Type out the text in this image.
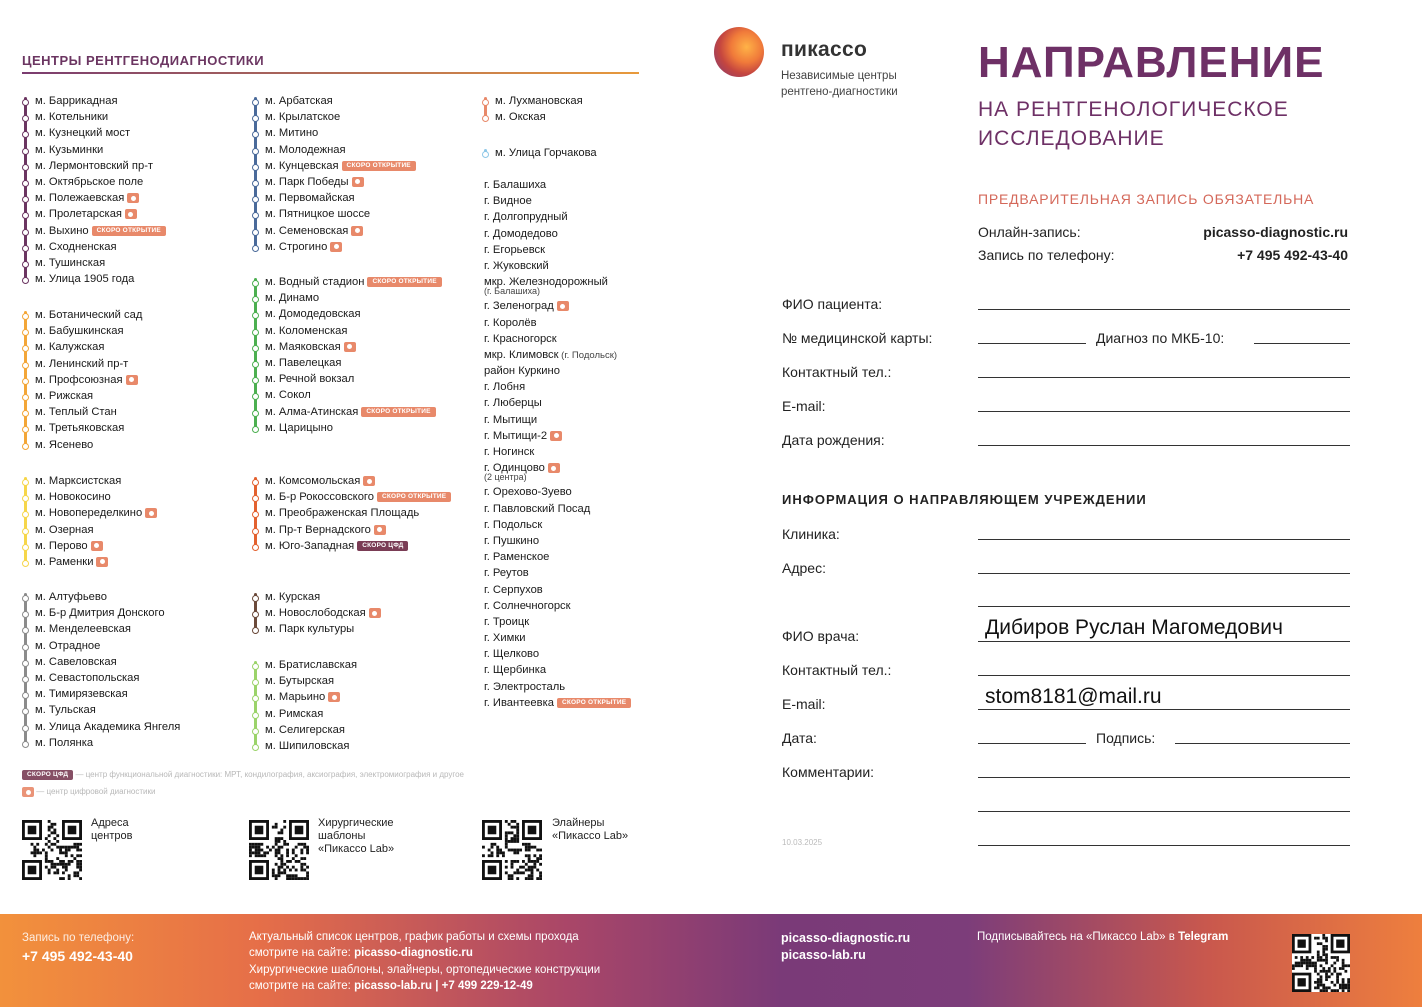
ЦЕНТРЫ РЕНТГЕНОДИАГНОСТИКИ
м. Баррикадная
м. Котельники
м. Кузнецкий мост
м. Кузьминки
м. Лермонтовский пр-т
м. Октябрьское поле
м. Полежаевская
м. Пролетарская
м. Выхино СКОРО ОТКРЫТИЕ
м. Сходненская
м. Тушинская
м. Улица 1905 года
м. Ботанический сад
м. Бабушкинская
м. Калужская
м. Ленинский пр-т
м. Профсоюзная
м. Рижская
м. Теплый Стан
м. Третьяковская
м. Ясенево
м. Марксистская
м. Новокосино
м. Новопеределкино
м. Озерная
м. Перово
м. Раменки
м. Алтуфьево
м. Б-р Дмитрия Донского
м. Менделеевская
м. Отрадное
м. Савеловская
м. Севастопольская
м. Тимирязевская
м. Тульская
м. Улица Академика Янгеля
м. Полянка
м. Арбатская
м. Крылатское
м. Митино
м. Молодежная
м. Кунцевская СКОРО ОТКРЫТИЕ
м. Парк Победы
м. Первомайская
м. Пятницкое шоссе
м. Семеновская
м. Строгино
м. Водный стадион СКОРО ОТКРЫТИЕ
м. Динамо
м. Домодедовская
м. Коломенская
м. Маяковская
м. Павелецкая
м. Речной вокзал
м. Сокол
м. Алма-Атинская СКОРО ОТКРЫТИЕ
м. Царицыно
м. Комсомольская
м. Б-р Рокоссовского СКОРО ОТКРЫТИЕ
м. Преображенская Площадь
м. Пр-т Вернадского
м. Юго-Западная СКОРО ЦФД
м. Курская
м. Новослободская
м. Парк культуры
м. Братиславская
м. Бутырская
м. Марьино
м. Римская
м. Селигерская
м. Шипиловская
м. Лухмановская
м. Окская
м. Улица Горчакова
г. Балашиха
г. Видное
г. Долгопрудный
г. Домодедово
г. Егорьевск
г. Жуковский
мкр. Железнодорожный
(г. Балашиха)
г. Зеленоград
г. Королёв
г. Красногорск
мкр. Климовск (г. Подольск)
район Куркино
г. Лобня
г. Люберцы
г. Мытищи
г. Мытищи-2
г. Ногинск
г. Одинцово
(2 центра)
г. Орехово-Зуево
г. Павловский Посад
г. Подольск
г. Пушкино
г. Раменское
г. Реутов
г. Серпухов
г. Солнечногорск
г. Троицк
г. Химки
г. Щелково
г. Щербинка
г. Электросталь
г. Ивантеевка СКОРО ОТКРЫТИЕ
СКОРО ЦФД — центр функциональной диагностики: МРТ, кондилография, аксиография, электромиография и другое
— центр цифровой диагностики
Адреса
центров
Хирургические
шаблоны
«Пикассо Lab»
Элайнеры
«Пикассо Lab»
пикассо
Независимые центры рентгено-диагностики
НАПРАВЛЕНИЕ
НА РЕНТГЕНОЛОГИЧЕСКОЕ
ИССЛЕДОВАНИЕ
ПРЕДВАРИТЕЛЬНАЯ ЗАПИСЬ ОБЯЗАТЕЛЬНА
Онлайн-запись:	picasso-diagnostic.ru
Запись по телефону:	+7 495 492-43-40
ФИО пациента:
№ медицинской карты:	Диагноз по МКБ-10:
Контактный тел.:
E-mail:
Дата рождения:
ИНФОРМАЦИЯ О НАПРАВЛЯЮЩЕМ УЧРЕЖДЕНИИ
Клиника:
Адрес:
ФИО врача:	Дибиров Руслан Магомедович
Контактный тел.:
E-mail:	stom8181@mail.ru
Дата:	Подпись:
Комментарии:
10.03.2025
Запись по телефону:
+7 495 492-43-40
Актуальный список центров, график работы и схемы прохода
смотрите на сайте: picasso-diagnostic.ru
Хирургические шаблоны, элайнеры, ортопедические конструкции
смотрите на сайте: picasso-lab.ru | +7 499 229-12-49
picasso-diagnostic.ru
picasso-lab.ru
Подписывайтесь на «Пикассо Lab» в Telegram
